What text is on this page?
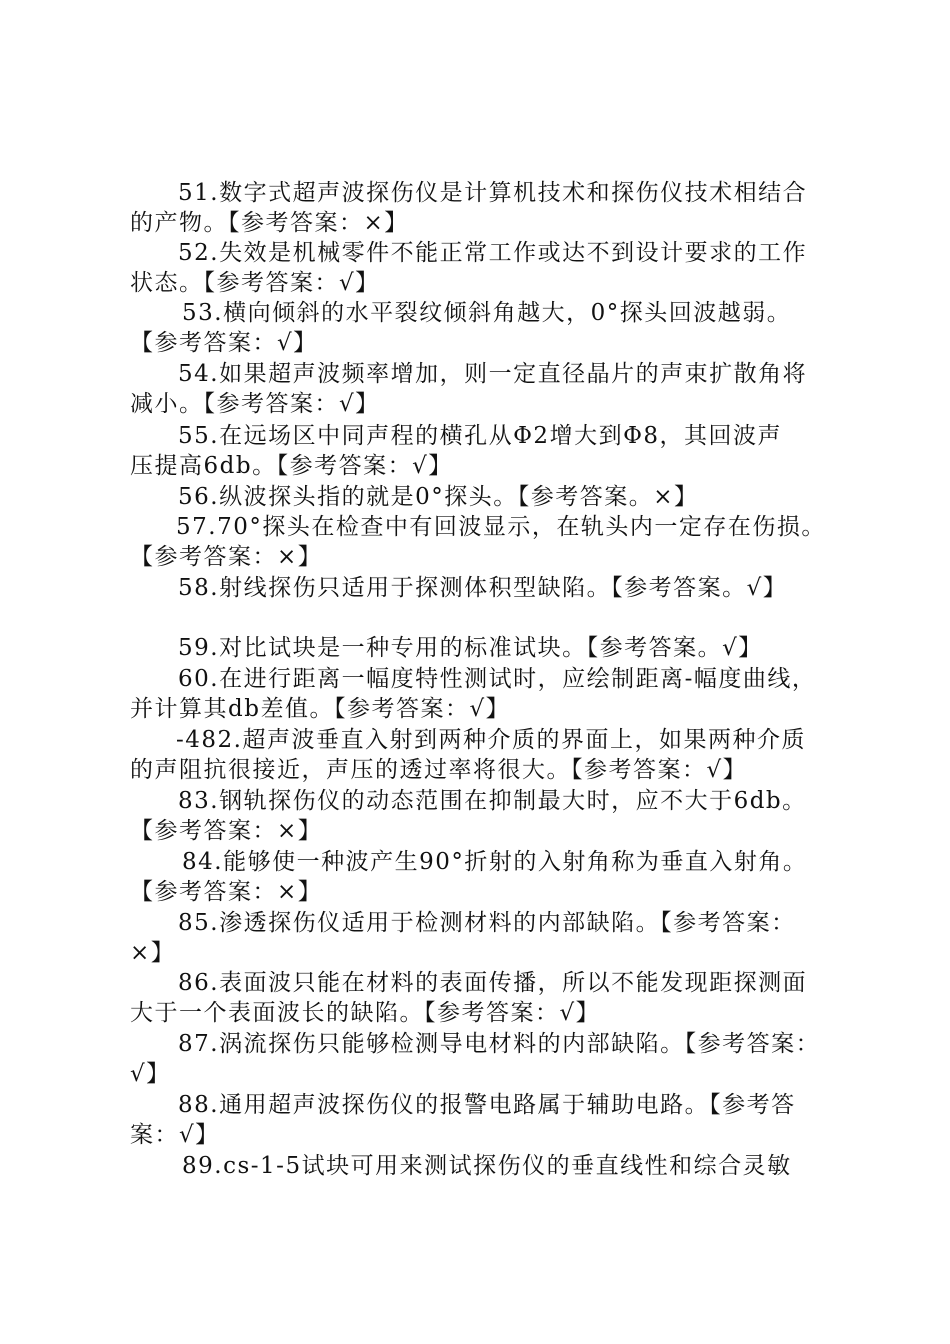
51.数字式超声波探伤仪是计算机技术和探伤仪技术相结合
的产物。【参考答案：×】
52.失效是机械零件不能正常工作或达不到设计要求的工作
状态。【参考答案：√】
53.横向倾斜的水平裂纹倾斜角越大，0°探头回波越弱。
【参考答案：√】
54.如果超声波频率增加，则一定直径晶片的声束扩散角将
减小。【参考答案：√】
55.在远场区中同声程的横孔从Φ2增大到Φ8，其回波声
压提高6db。【参考答案：√】
56.纵波探头指的就是0°探头。【参考答案。×】
57.70°探头在检查中有回波显示，在轨头内一定存在伤损。
【参考答案：×】
58.射线探伤只适用于探测体积型缺陷。【参考答案。√】
59.对比试块是一种专用的标准试块。【参考答案。√】
60.在进行距离一幅度特性测试时，应绘制距离-幅度曲线，
并计算其db差值。【参考答案：√】
-482.超声波垂直入射到两种介质的界面上，如果两种介质
的声阻抗很接近，声压的透过率将很大。【参考答案：√】
83.钢轨探伤仪的动态范围在抑制最大时，应不大于6db。
【参考答案：×】
84.能够使一种波产生90°折射的入射角称为垂直入射角。
【参考答案：×】
85.渗透探伤仪适用于检测材料的内部缺陷。【参考答案：
×】
86.表面波只能在材料的表面传播，所以不能发现距探测面
大于一个表面波长的缺陷。【参考答案：√】
87.涡流探伤只能够检测导电材料的内部缺陷。【参考答案：
√】
88.通用超声波探伤仪的报警电路属于辅助电路。【参考答
案：√】
89.cs-1-5试块可用来测试探伤仪的垂直线性和综合灵敏
